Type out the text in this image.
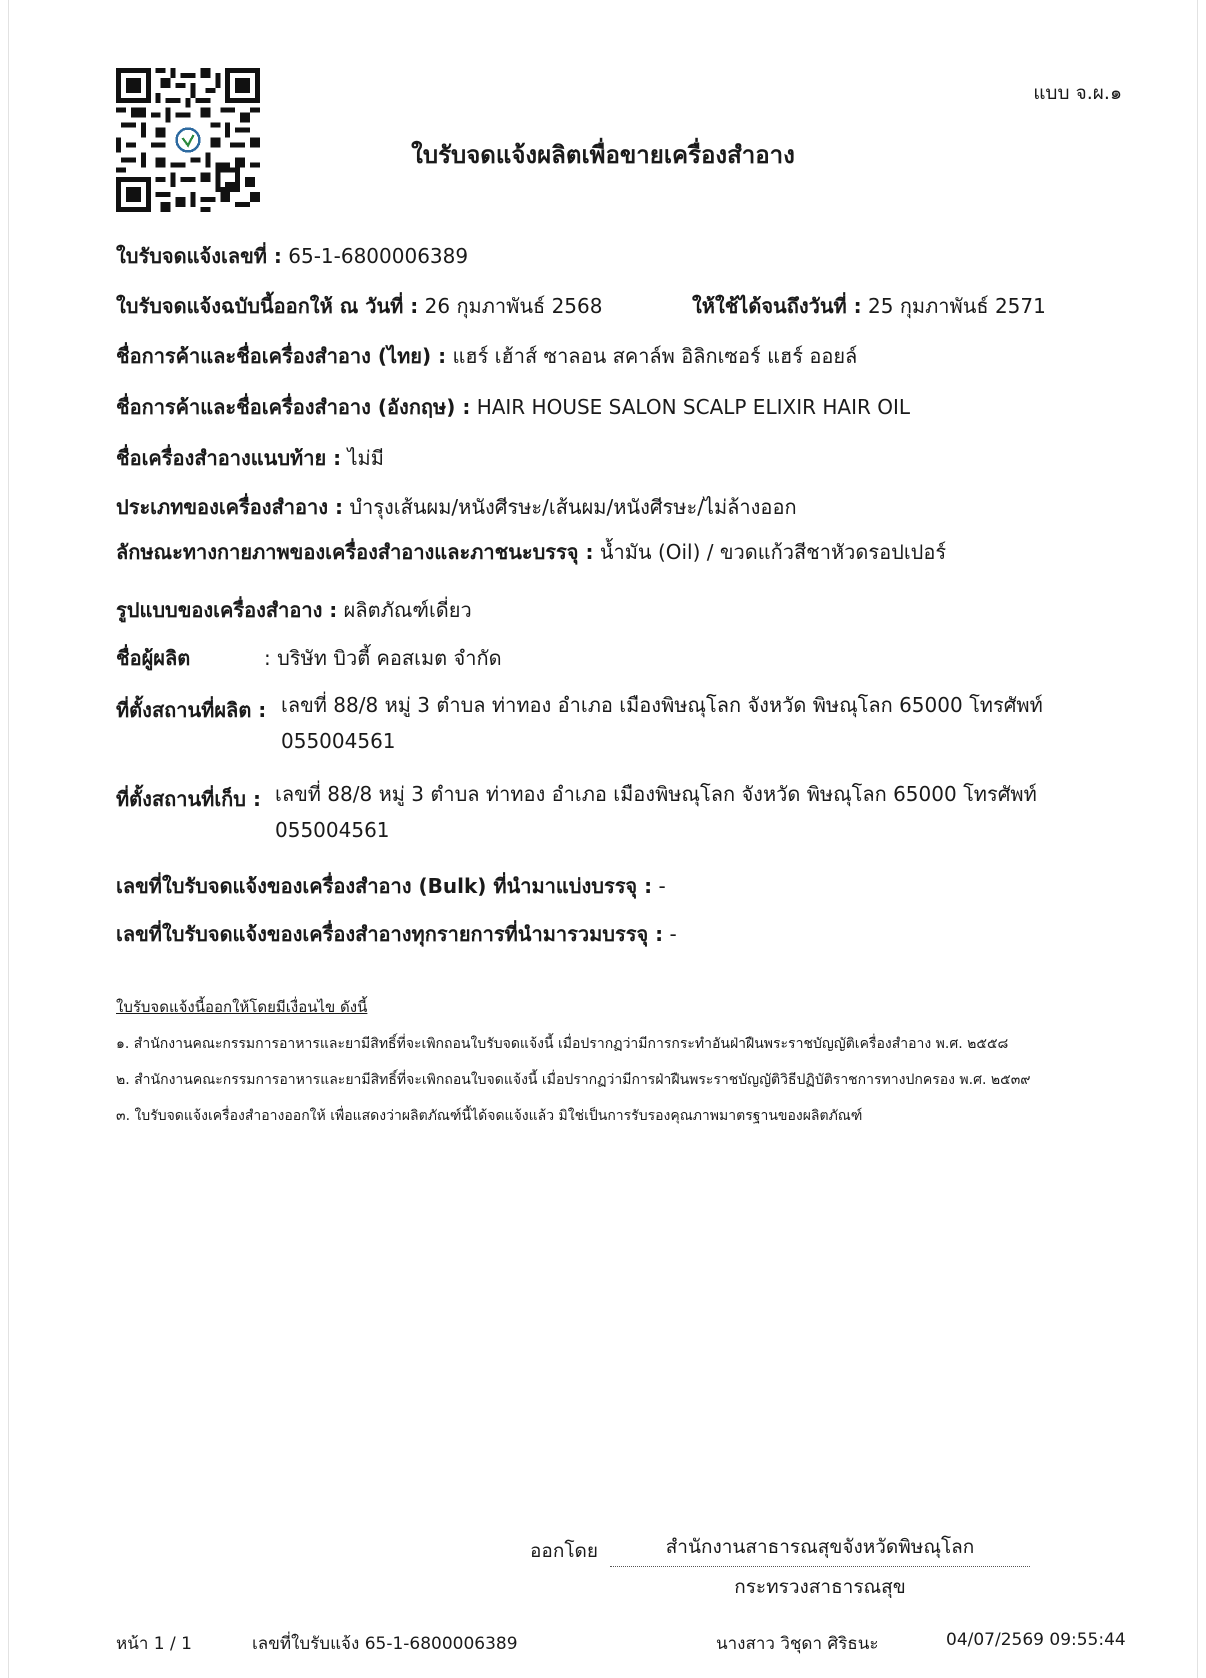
แบบ จ.ผ.๑
ใบรับจดแจ้งผลิตเพื่อขายเครื่องสำอาง
ใบรับจดแจ้งเลขที่ : 65-1-6800006389
ใบรับจดแจ้งฉบับนี้ออกให้ ณ วันที่ : 26 กุมภาพันธ์ 2568	ให้ใช้ได้จนถึงวันที่ : 25 กุมภาพันธ์ 2571
ชื่อการค้าและชื่อเครื่องสำอาง (ไทย) : แฮร์ เฮ้าส์ ซาลอน สคาล์พ อิลิกเซอร์ แฮร์ ออยล์
ชื่อการค้าและชื่อเครื่องสำอาง (อังกฤษ) : HAIR HOUSE SALON SCALP ELIXIR HAIR OIL
ชื่อเครื่องสำอางแนบท้าย : ไม่มี
ประเภทของเครื่องสำอาง : บำรุงเส้นผม/หนังศีรษะ/เส้นผม/หนังศีรษะ/ไม่ล้างออก
ลักษณะทางกายภาพของเครื่องสำอางและภาชนะบรรจุ : น้ำมัน (Oil) / ขวดแก้วสีชาหัวดรอปเปอร์
รูปแบบของเครื่องสำอาง : ผลิตภัณฑ์เดี่ยว
ชื่อผู้ผลิต	: บริษัท บิวตี้ คอสเมต จำกัด
ที่ตั้งสถานที่ผลิต : เลขที่ 88/8 หมู่ 3 ตำบล ท่าทอง อำเภอ เมืองพิษณุโลก จังหวัด พิษณุโลก 65000 โทรศัพท์ 055004561
ที่ตั้งสถานที่เก็บ : เลขที่ 88/8 หมู่ 3 ตำบล ท่าทอง อำเภอ เมืองพิษณุโลก จังหวัด พิษณุโลก 65000 โทรศัพท์ 055004561
เลขที่ใบรับจดแจ้งของเครื่องสำอาง (Bulk) ที่นำมาแบ่งบรรจุ : -
เลขที่ใบรับจดแจ้งของเครื่องสำอางทุกรายการที่นำมารวมบรรจุ : -
ใบรับจดแจ้งนี้ออกให้โดยมีเงื่อนไข ดังนี้
๑. สำนักงานคณะกรรมการอาหารและยามีสิทธิ์ที่จะเพิกถอนใบรับจดแจ้งนี้ เมื่อปรากฏว่ามีการกระทำอันฝ่าฝืนพระราชบัญญัติเครื่องสำอาง พ.ศ. ๒๕๕๘
๒. สำนักงานคณะกรรมการอาหารและยามีสิทธิ์ที่จะเพิกถอนใบจดแจ้งนี้ เมื่อปรากฏว่ามีการฝ่าฝืนพระราชบัญญัติวิธีปฏิบัติราชการทางปกครอง พ.ศ. ๒๕๓๙
๓. ใบรับจดแจ้งเครื่องสำอางออกให้ เพื่อแสดงว่าผลิตภัณฑ์นี้ได้จดแจ้งแล้ว มิใช่เป็นการรับรองคุณภาพมาตรฐานของผลิตภัณฑ์
ออกโดย	สำนักงานสาธารณสุขจังหวัดพิษณุโลก
กระทรวงสาธารณสุข
หน้า 1 / 1	เลขที่ใบรับแจ้ง 65-1-6800006389	นางสาว วิชุดา ศิริธนะ	04/07/2569 09:55:44
